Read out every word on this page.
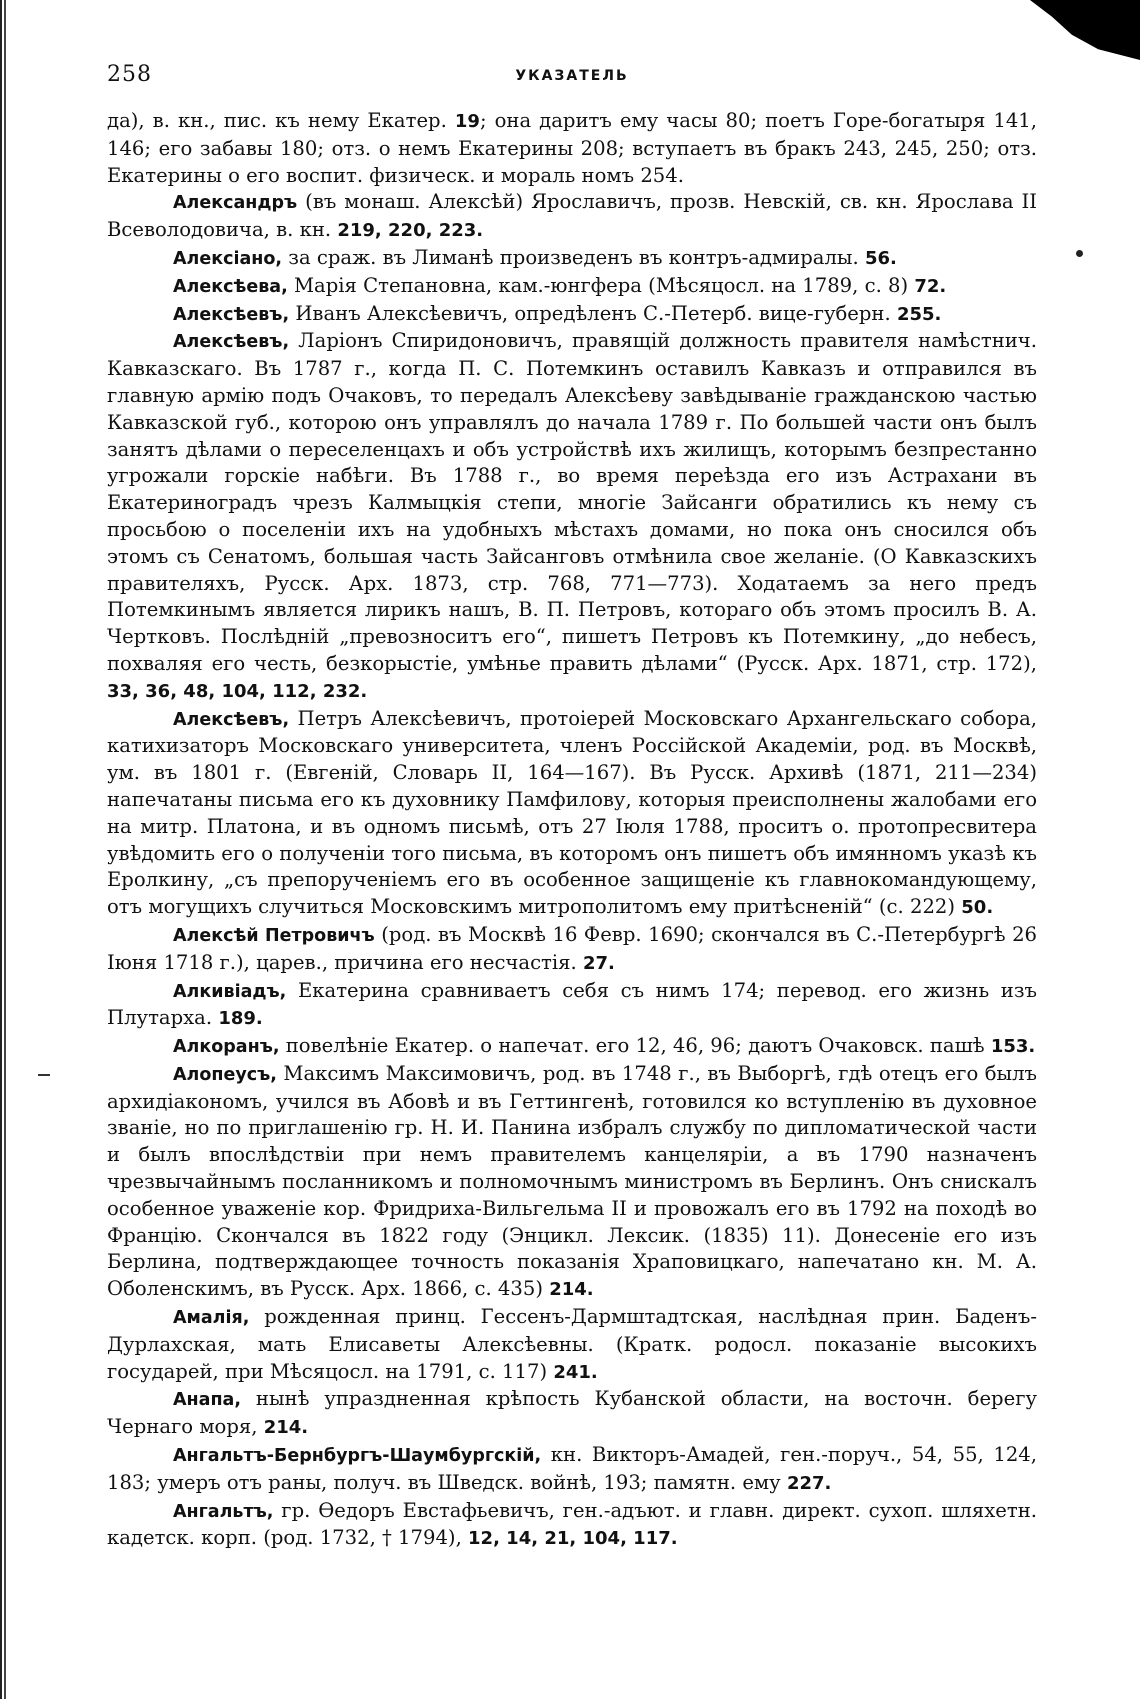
258	УКАЗАТЕЛЬ

да), в. кн., пис. къ нему Екатер. 19; она даритъ ему часы 80; поетъ Горе-богатыря 141, 146; его забавы 180; отз. о немъ Екатерины 208; вступаетъ въ бракъ 243, 245, 250; отз. Екатерины о его воспит. физическ. и мораль номъ 254.

Александръ (въ монаш. Алексѣй) Ярославичъ, прозв. Невскій, св. кн. Ярослава II Всеволодовича, в. кн. 219, 220, 223.

Алексіано, за сраж. въ Лиманѣ произведенъ въ контръ-адмиралы. 56.

Алексѣева, Марія Степановна, кам.-юнгфера (Мѣсяцосл. на 1789, с. 8) 72.

Алексѣевъ, Иванъ Алексѣевичъ, опредѣленъ С.-Петерб. вице-губерн. 255.

Алексѣевъ, Ларіонъ Спиридоновичъ, правящій должность правителя намѣстнич. Кавказскаго. Въ 1787 г., когда П. С. Потемкинъ оставилъ Кавказъ и отправился въ главную армію подъ Очаковъ, то передалъ Алексѣеву завѣдываніе гражданскою частью Кавказской губ., которою онъ управлялъ до начала 1789 г. По большей части онъ былъ занятъ дѣлами о переселенцахъ и объ устройствѣ ихъ жилищъ, которымъ безпрестанно угрожали горскіе набѣги. Въ 1788 г., во время переѣзда его изъ Астрахани въ Екатериноградъ чрезъ Калмыцкія степи, многіе Зайсанги обратились къ нему съ просьбою о поселеніи ихъ на удобныхъ мѣстахъ домами, но пока онъ сносился объ этомъ съ Сенатомъ, большая часть Зайсанговъ отмѣнила свое желаніе. (О Кавказскихъ правителяхъ, Русск. Арх. 1873, стр. 768, 771—773). Ходатаемъ за него предъ Потемкинымъ является лирикъ нашъ, В. П. Петровъ, котораго объ этомъ просилъ В. А. Чертковъ. Послѣдній „превозноситъ его“, пишетъ Петровъ къ Потемкину, „до небесъ, похваляя его честь, безкорыстіе, умѣнье править дѣлами“ (Русск. Арх. 1871, стр. 172), 33, 36, 48, 104, 112, 232.

Алексѣевъ, Петръ Алексѣевичъ, протоіерей Московскаго Архангельскаго собора, катихизаторъ Московскаго университета, членъ Россійской Академіи, род. въ Москвѣ, ум. въ 1801 г. (Евгеній, Словарь II, 164—167). Въ Русск. Архивѣ (1871, 211—234) напечатаны письма его къ духовнику Памфилову, которыя преисполнены жалобами его на митр. Платона, и въ одномъ письмѣ, отъ 27 Іюля 1788, проситъ о. протопресвитера увѣдомить его о полученіи того письма, въ которомъ онъ пишетъ объ имянномъ указѣ къ Еролкину, „съ препорученіемъ его въ особенное защищеніе къ главнокомандующему, отъ могущихъ случиться Московскимъ митрополитомъ ему притѣсненій“ (с. 222) 50.

Алексѣй Петровичъ (род. въ Москвѣ 16 Февр. 1690; скончался въ С.-Петербургѣ 26 Іюня 1718 г.), царев., причина его несчастія. 27.

Алкивіадъ, Екатерина сравниваетъ себя съ нимъ 174; перевод. его жизнь изъ Плутарха. 189.

Алкоранъ, повелѣніе Екатер. о напечат. его 12, 46, 96; даютъ Очаковск. пашѣ 153.

Алопеусъ, Максимъ Максимовичъ, род. въ 1748 г., въ Выборгѣ, гдѣ отецъ его былъ архидіакономъ, учился въ Абовѣ и въ Геттингенѣ, готовился ко вступленію въ духовное званіе, но по приглашенію гр. Н. И. Панина избралъ службу по дипломатической части и былъ впослѣдствіи при немъ правителемъ канцеляріи, а въ 1790 назначенъ чрезвычайнымъ посланникомъ и полномочнымъ министромъ въ Берлинъ. Онъ снискалъ особенное уваженіе кор. Фридриха-Вильгельма II и провожалъ его въ 1792 на походѣ во Францію. Скончался въ 1822 году (Энцикл. Лексик. (1835) 11). Донесеніе его изъ Берлина, подтверждающее точность показанія Храповицкаго, напечатано кн. М. А. Оболенскимъ, въ Русск. Арх. 1866, с. 435) 214.

Амалія, рожденная принц. Гессенъ-Дармштадтская, наслѣдная прин. Баденъ-Дурлахская, мать Елисаветы Алексѣевны. (Кратк. родосл. показаніе высокихъ государей, при Мѣсяцосл. на 1791, с. 117) 241.

Анапа, нынѣ упраздненная крѣпость Кубанской области, на восточн. берегу Чернаго моря, 214.

Ангальтъ-Бернбургъ-Шаумбургскій, кн. Викторъ-Амадей, ген.-поруч., 54, 55, 124, 183; умеръ отъ раны, получ. въ Шведск. войнѣ, 193; памятн. ему 227.

Ангальтъ, гр. Ѳедоръ Евстафьевичъ, ген.-адъют. и главн. директ. сухоп. шляхетн. кадетск. корп. (род. 1732, † 1794), 12, 14, 21, 104, 117.
